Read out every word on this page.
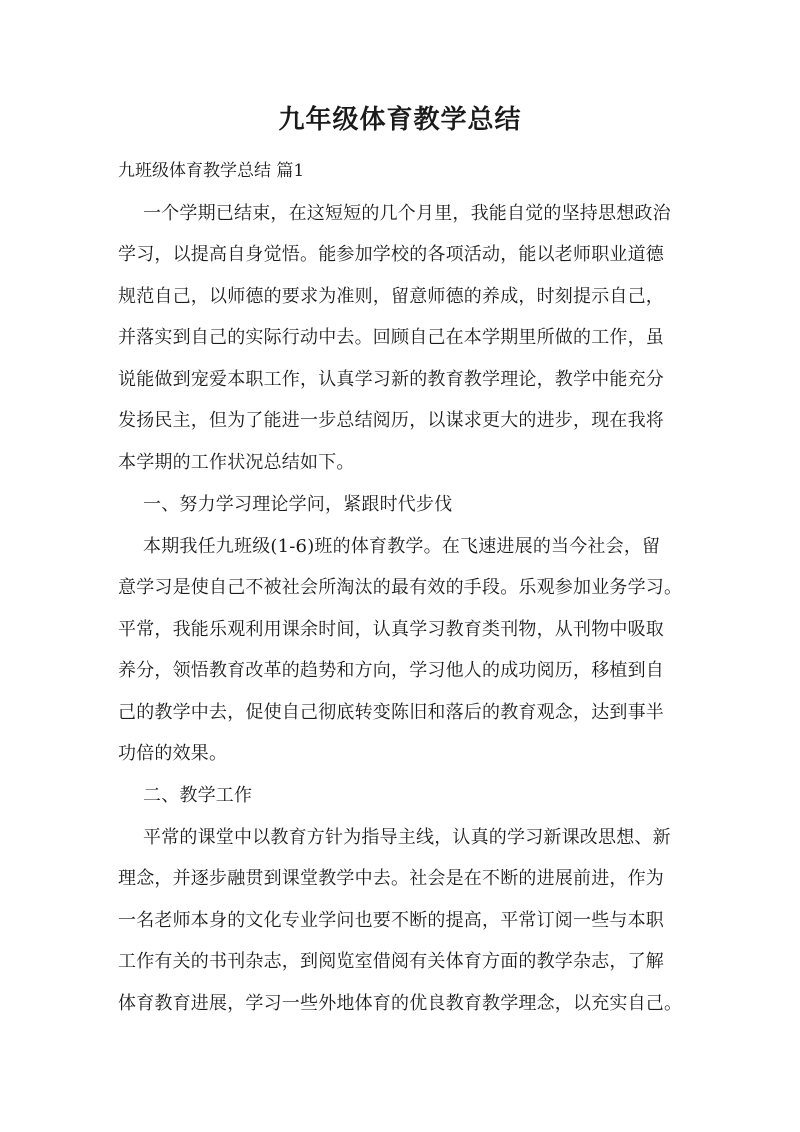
九年级体育教学总结
九班级体育教学总结 篇1
一个学期已结束，在这短短的几个月里，我能自觉的坚持思想政治
学习，以提高自身觉悟。能参加学校的各项活动，能以老师职业道德
规范自己，以师德的要求为准则，留意师德的养成，时刻提示自己，
并落实到自己的实际行动中去。回顾自己在本学期里所做的工作，虽
说能做到宠爱本职工作，认真学习新的教育教学理论，教学中能充分
发扬民主，但为了能进一步总结阅历，以谋求更大的进步，现在我将
本学期的工作状况总结如下。
一、努力学习理论学问，紧跟时代步伐
本期我任九班级(1-6)班的体育教学。在飞速进展的当今社会，留
意学习是使自己不被社会所淘汰的最有效的手段。乐观参加业务学习。
平常，我能乐观利用课余时间，认真学习教育类刊物，从刊物中吸取
养分，领悟教育改革的趋势和方向，学习他人的成功阅历，移植到自
己的教学中去，促使自己彻底转变陈旧和落后的教育观念，达到事半
功倍的效果。
二、教学工作
平常的课堂中以教育方针为指导主线，认真的学习新课改思想、新
理念，并逐步融贯到课堂教学中去。社会是在不断的进展前进，作为
一名老师本身的文化专业学问也要不断的提高，平常订阅一些与本职
工作有关的书刊杂志，到阅览室借阅有关体育方面的教学杂志，了解
体育教育进展，学习一些外地体育的优良教育教学理念，以充实自己。
